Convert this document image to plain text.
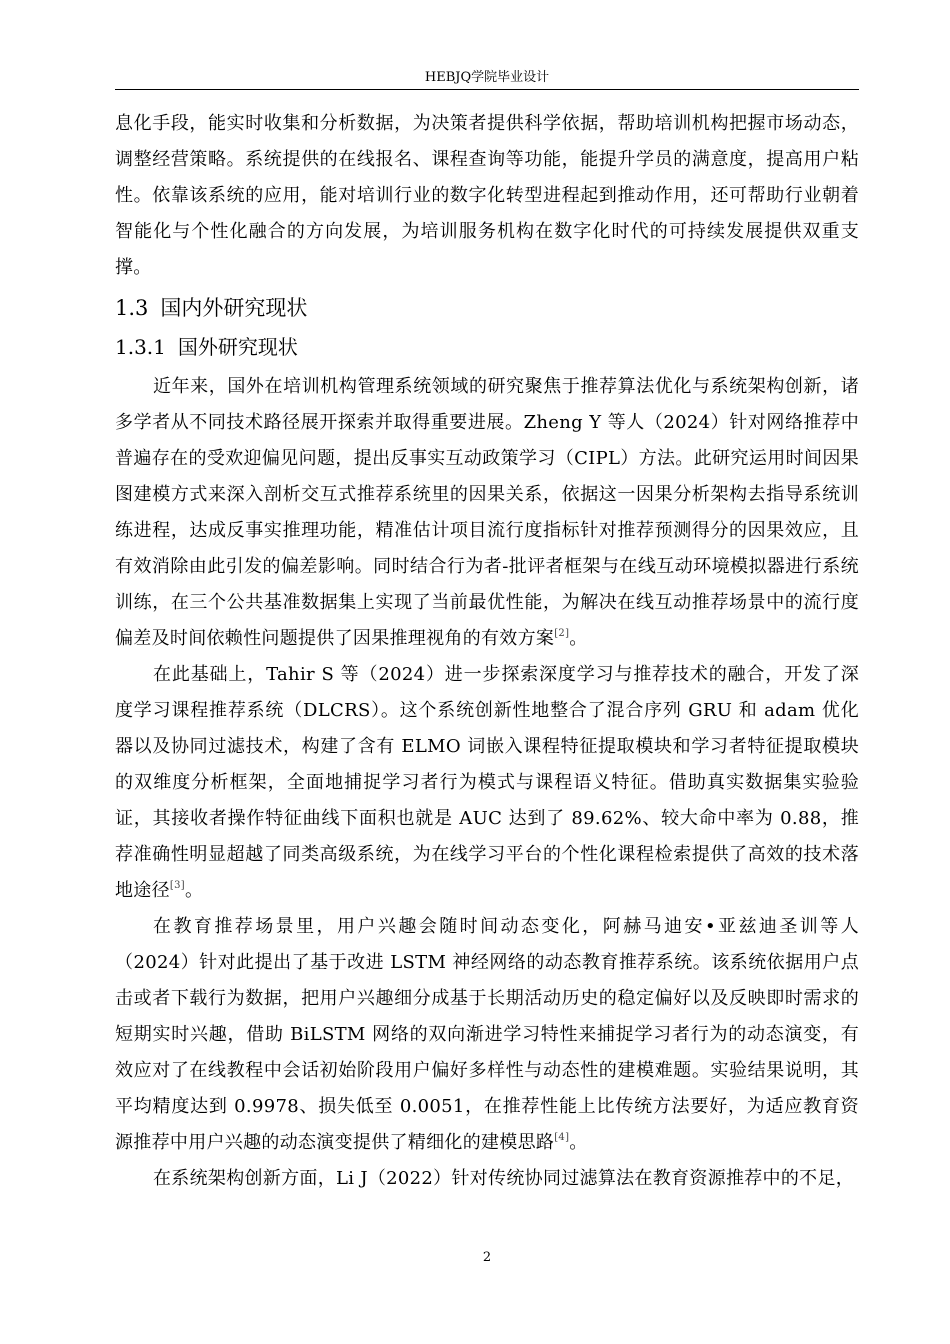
HEBJQ学院毕业设计

息化手段，能实时收集和分析数据，为决策者提供科学依据，帮助培训机构把握市场动态，调整经营策略。系统提供的在线报名、课程查询等功能，能提升学员的满意度，提高用户粘性。依靠该系统的应用，能对培训行业的数字化转型进程起到推动作用，还可帮助行业朝着智能化与个性化融合的方向发展，为培训服务机构在数字化时代的可持续发展提供双重支撑。

1.3 国内外研究现状
1.3.1 国外研究现状

近年来，国外在培训机构管理系统领域的研究聚焦于推荐算法优化与系统架构创新，诸多学者从不同技术路径展开探索并取得重要进展。Zheng Y 等人（2024）针对网络推荐中普遍存在的受欢迎偏见问题，提出反事实互动政策学习（CIPL）方法。此研究运用时间因果图建模方式来深入剖析交互式推荐系统里的因果关系，依据这一因果分析架构去指导系统训练进程，达成反事实推理功能，精准估计项目流行度指标针对推荐预测得分的因果效应，且有效消除由此引发的偏差影响。同时结合行为者-批评者框架与在线互动环境模拟器进行系统训练，在三个公共基准数据集上实现了当前最优性能，为解决在线互动推荐场景中的流行度偏差及时间依赖性问题提供了因果推理视角的有效方案[2]。

在此基础上，Tahir S 等（2024）进一步探索深度学习与推荐技术的融合，开发了深度学习课程推荐系统（DLCRS）。这个系统创新性地整合了混合序列 GRU 和 adam 优化器以及协同过滤技术，构建了含有 ELMO 词嵌入课程特征提取模块和学习者特征提取模块的双维度分析框架，全面地捕捉学习者行为模式与课程语义特征。借助真实数据集实验验证，其接收者操作特征曲线下面积也就是 AUC 达到了 89.62%、较大命中率为 0.88，推荐准确性明显超越了同类高级系统，为在线学习平台的个性化课程检索提供了高效的技术落地途径[3]。

在教育推荐场景里，用户兴趣会随时间动态变化，阿赫马迪安•亚兹迪圣训等人（2024）针对此提出了基于改进 LSTM 神经网络的动态教育推荐系统。该系统依据用户点击或者下载行为数据，把用户兴趣细分成基于长期活动历史的稳定偏好以及反映即时需求的短期实时兴趣，借助 BiLSTM 网络的双向渐进学习特性来捕捉学习者行为的动态演变，有效应对了在线教程中会话初始阶段用户偏好多样性与动态性的建模难题。实验结果说明，其平均精度达到 0.9978、损失低至 0.0051，在推荐性能上比传统方法要好，为适应教育资源推荐中用户兴趣的动态演变提供了精细化的建模思路[4]。

在系统架构创新方面，Li J（2022）针对传统协同过滤算法在教育资源推荐中的不足，

2
